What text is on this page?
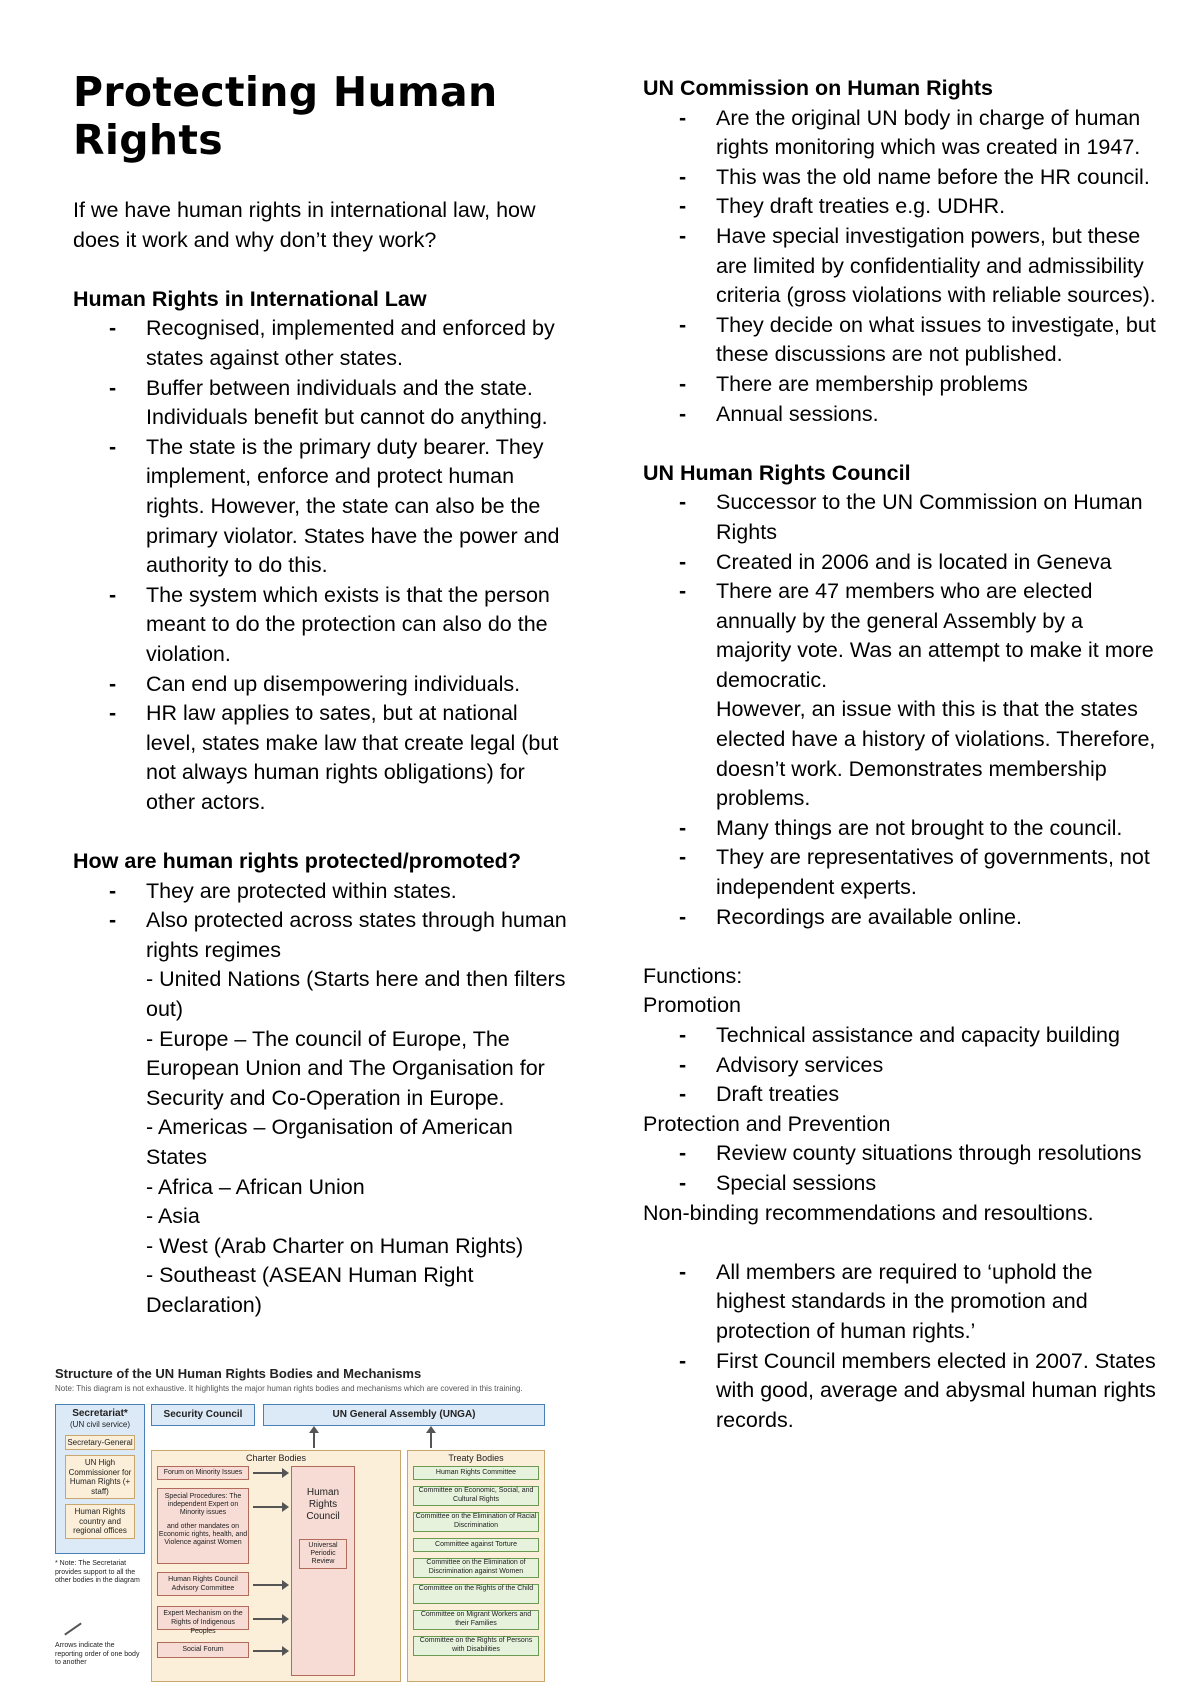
Protecting Human Rights

If we have human rights in international law, how does it work and why don’t they work?

Human Rights in International Law

- Recognised, implemented and enforced by states against other states.
- Buffer between individuals and the state. Individuals benefit but cannot do anything.
- The state is the primary duty bearer. They implement, enforce and protect human rights. However, the state can also be the primary violator. States have the power and authority to do this.
- The system which exists is that the person meant to do the protection can also do the violation.
- Can end up disempowering individuals.
- HR law applies to sates, but at national level, states make law that create legal (but not always human rights obligations) for other actors.

How are human rights protected/promoted?

- They are protected within states.
- Also protected across states through human rights regimes
- United Nations (Starts here and then filters out)
- Europe – The council of Europe, The European Union and The Organisation for Security and Co-Operation in Europe.
- Americas – Organisation of American States
- Africa – African Union
- Asia
- West (Arab Charter on Human Rights)
- Southeast (ASEAN Human Right Declaration)

UN Commission on Human Rights

- Are the original UN body in charge of human rights monitoring which was created in 1947.
- This was the old name before the HR council.
- They draft treaties e.g. UDHR.
- Have special investigation powers, but these are limited by confidentiality and admissibility criteria (gross violations with reliable sources).
- They decide on what issues to investigate, but these discussions are not published.
- There are membership problems
- Annual sessions.

UN Human Rights Council

- Successor to the UN Commission on Human Rights
- Created in 2006 and is located in Geneva
- There are 47 members who are elected annually by the general Assembly by a majority vote. Was an attempt to make it more democratic.
However, an issue with this is that the states elected have a history of violations. Therefore, doesn’t work. Demonstrates membership problems.
- Many things are not brought to the council.
- They are representatives of governments, not independent experts.
- Recordings are available online.

Functions:

Promotion

- Technical assistance and capacity building
- Advisory services
- Draft treaties

Protection and Prevention

- Review county situations through resolutions
- Special sessions

Non-binding recommendations and resoultions.

- All members are required to ‘uphold the highest standards in the promotion and protection of human rights.’
- First Council members elected in 2007. States with good, average and abysmal human rights records.
Structure of the UN Human Rights Bodies and Mechanisms
Note: This diagram is not exhaustive. It highlights the major human rights bodies and mechanisms which are covered in this training.
Secretariat*
(UN civil service)
Secretary-General
UN High Commissioner for Human Rights (+ staff)
Human Rights country and regional offices
* Note: The Secretariat provides support to all the other bodies in the diagram
Arrows indicate the reporting order of one body to another
Security Council	UN General Assembly (UNGA)
Charter Bodies
Forum on Minority Issues
Special Procedures: The independent Expert on Minority issues
and other mandates on Economic rights, health, and Violence against Women
Human Rights Council Advisory Committee
Expert Mechanism on the Rights of Indigenous Peoples
Social Forum
Human Rights Council
Universal Periodic Review
Treaty Bodies
Human Rights Committee
Committee on Economic, Social, and Cultural Rights
Committee on the Elimination of Racial Discrimination
Committee against Torture
Committee on the Elimination of Discrimination against Women
Committee on the Rights of the Child
Committee on Migrant Workers and their Families
Committee on the Rights of Persons with Disabilities
